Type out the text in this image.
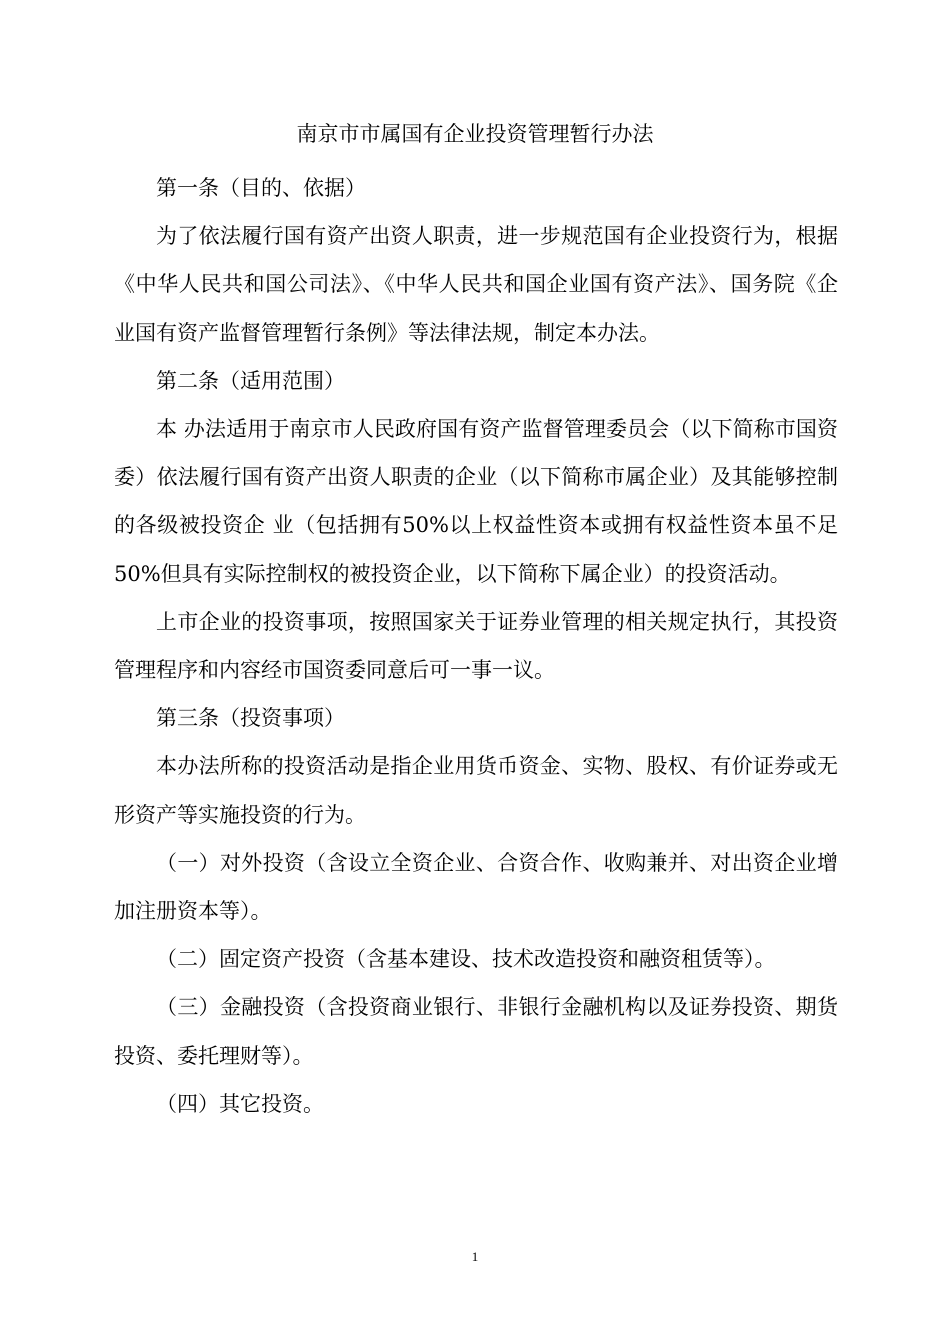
南京市市属国有企业投资管理暂行办法

第一条（目的、依据）

为了依法履行国有资产出资人职责，进一步规范国有企业投资行为，根据《中华人民共和国公司法》、《中华人民共和国企业国有资产法》、国务院《企业国有资产监督管理暂行条例》等法律法规，制定本办法。

第二条（适用范围）

本 办法适用于南京市人民政府国有资产监督管理委员会（以下简称市国资委）依法履行国有资产出资人职责的企业（以下简称市属企业）及其能够控制的各级被投资企 业（包括拥有50%以上权益性资本或拥有权益性资本虽不足50%但具有实际控制权的被投资企业，以下简称下属企业）的投资活动。

上市企业的投资事项，按照国家关于证券业管理的相关规定执行，其投资管理程序和内容经市国资委同意后可一事一议。

第三条（投资事项）

本办法所称的投资活动是指企业用货币资金、实物、股权、有价证券或无形资产等实施投资的行为。

（一）对外投资（含设立全资企业、合资合作、收购兼并、对出资企业增加注册资本等）。

（二）固定资产投资（含基本建设、技术改造投资和融资租赁等）。

（三）金融投资（含投资商业银行、非银行金融机构以及证券投资、期货投资、委托理财等）。

（四）其它投资。

1
